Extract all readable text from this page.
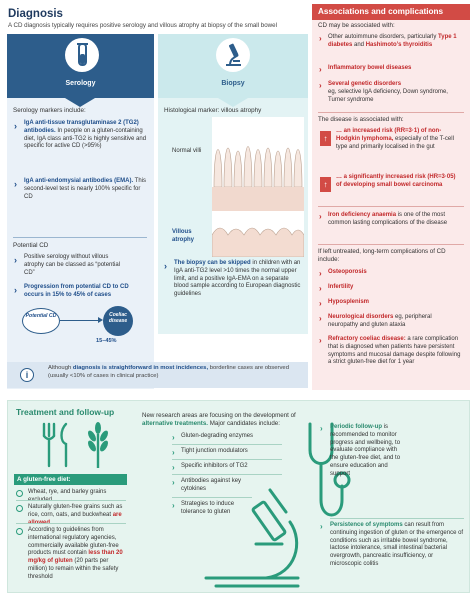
Diagnosis
A CD diagnosis typically requires positive serology and villous atrophy at biopsy of the small bowel
Serology
Serology markers include:
› IgA anti-tissue transglutaminase 2 (TG2) antibodies. In people on a gluten-containing diet, IgA class anti-TG2 is highly sensitive and specific for active CD (>95%)
› IgA anti-endomysial antibodies (EMA). This second-level test is nearly 100% specific for CD
Potential CD
› Positive serology without villous atrophy can be classed as “potential CD”
› Progression from potential CD to CD occurs in 15% to 45% of cases
Potential CD	Coeliac disease
15–45%
Biopsy
Histological marker: villous atrophy
Normal villi
Villous atrophy
› The biopsy can be skipped in children with an IgA anti-TG2 level >10 times the normal upper limit, and a positive IgA-EMA on a separate blood sample according to European diagnostic guidelines
i
Although diagnosis is straightforward in most incidences, borderline cases are observed (usually <10% of cases in clinical practice)
Associations and complications
CD may be associated with:
› Other autoimmune disorders, particularly Type 1 diabetes and Hashimoto’s thyroiditis
› Inflammatory bowel diseases
› Several genetic disorders
eg, selective IgA deficiency, Down syndrome, Turner syndrome
The disease is associated with:
↑
… an increased risk (RR=3·1) of non-Hodgkin lymphoma, especially of the T-cell type and primarily localised in the gut
↑
… a significantly increased risk (HR=3·05) of developing small bowel carcinoma
› Iron deficiency anaemia is one of the most common lasting complications of the disease
If left untreated, long-term complications of CD include:
› Osteoporosis
› Infertility
› Hyposplenism
› Neurological disorders eg, peripheral neuropathy and gluten ataxia
› Refractory coeliac disease: a rare complication that is diagnosed when patients have persistent symptoms and mucosal damage despite following a strict gluten-free diet for 1 year
Treatment and follow-up
A gluten-free diet:
Wheat, rye, and barley grains
Naturally gluten-free grains such as rice, corn, oats, and buckwheat are
According to guidelines from international regulatory agencies, commercially available gluten-free products must contain less than 20 mg/kg of gluten (20 parts per million) to remain within the safety threshold
New research areas are focusing on the development of alternative treatments. Major candidates include:
› Gluten-degrading enzymes
› Tight junction modulators
› Specific inhibitors of TG2
› Antibodies against key cytokines
› Strategies to induce tolerance to gluten
› Periodic follow-up is recommended to monitor progress and wellbeing, to evaluate compliance with the gluten-free diet, and to ensure education and support
› Persistence of symptoms can result from continuing ingestion of gluten or the emergence of conditions such as irritable bowel syndrome, lactose intolerance, small intestinal bacterial overgrowth, pancreatic insufficiency, or microscopic colitis
